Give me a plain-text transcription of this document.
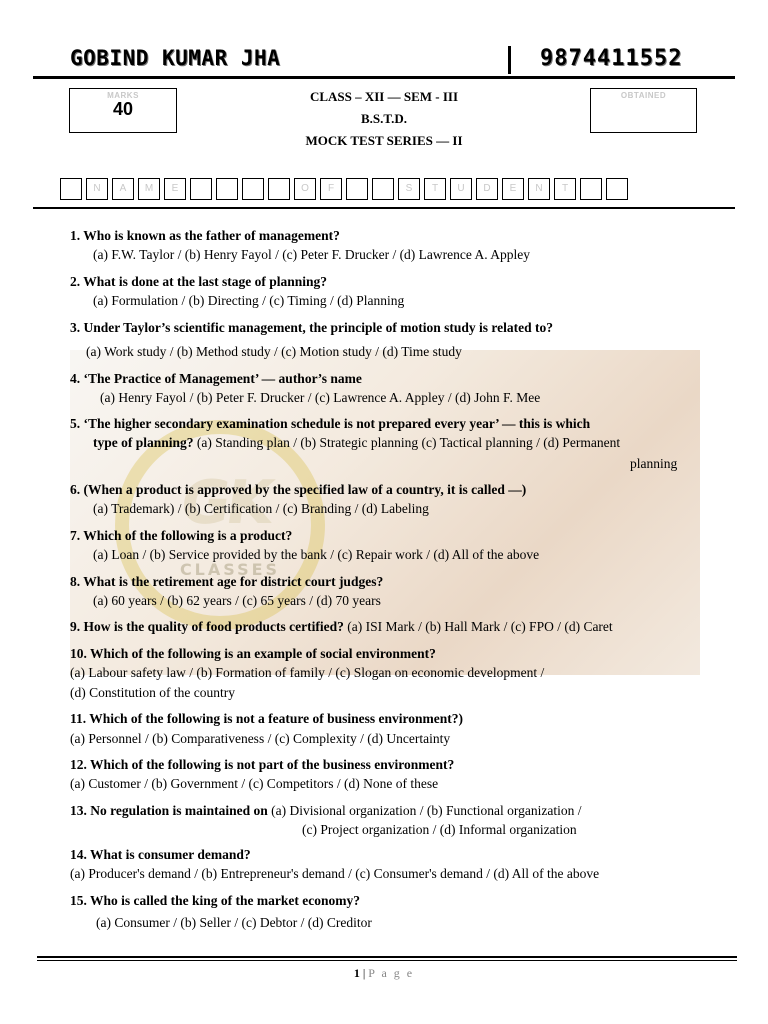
GOBIND KUMAR JHA	9874411552
MARKS
40
OBTAINED
CLASS – XII — SEM - III
B.S.T.D.
MOCK TEST SERIES — II
N	A	M	E	O	F	S	T	U	D	E	N	T
GK
CLASSES
1. Who is known as the father of management?
(a) F.W. Taylor / (b) Henry Fayol / (c) Peter F. Drucker / (d) Lawrence A. Appley
2. What is done at the last stage of planning?
(a) Formulation / (b) Directing / (c) Timing / (d) Planning
3. Under Taylor’s scientific management, the principle of motion study is related to?
(a) Work study / (b) Method study / (c) Motion study / (d) Time study
4. ‘The Practice of Management’ — author’s name
(a) Henry Fayol / (b) Peter F. Drucker / (c) Lawrence A. Appley / (d) John F. Mee
5. ‘The higher secondary examination schedule is not prepared every year’ — this is which
type of planning? (a) Standing plan / (b) Strategic planning (c) Tactical planning / (d) Permanent
planning
6. (When a product is approved by the specified law of a country, it is called —)
(a) Trademark) / (b) Certification / (c) Branding / (d) Labeling
7. Which of the following is a product?
(a) Loan / (b) Service provided by the bank / (c) Repair work / (d) All of the above
8. What is the retirement age for district court judges?
(a) 60 years / (b) 62 years / (c) 65 years / (d) 70 years
9. How is the quality of food products certified? (a) ISI Mark / (b) Hall Mark / (c) FPO / (d) Caret
10. Which of the following is an example of social environment?
(a) Labour safety law / (b) Formation of family / (c) Slogan on economic development /
(d) Constitution of the country
11. Which of the following is not a feature of business environment?)
(a) Personnel / (b) Comparativeness / (c) Complexity / (d) Uncertainty
12. Which of the following is not part of the business environment?
(a) Customer / (b) Government / (c) Competitors / (d) None of these
13. No regulation is maintained on (a) Divisional organization / (b) Functional organization /
(c) Project organization / (d) Informal organization
14. What is consumer demand?
(a) Producer's demand / (b) Entrepreneur's demand / (c) Consumer's demand / (d) All of the above
15. Who is called the king of the market economy?
(a) Consumer / (b) Seller / (c) Debtor / (d) Creditor
1 | P a g e
